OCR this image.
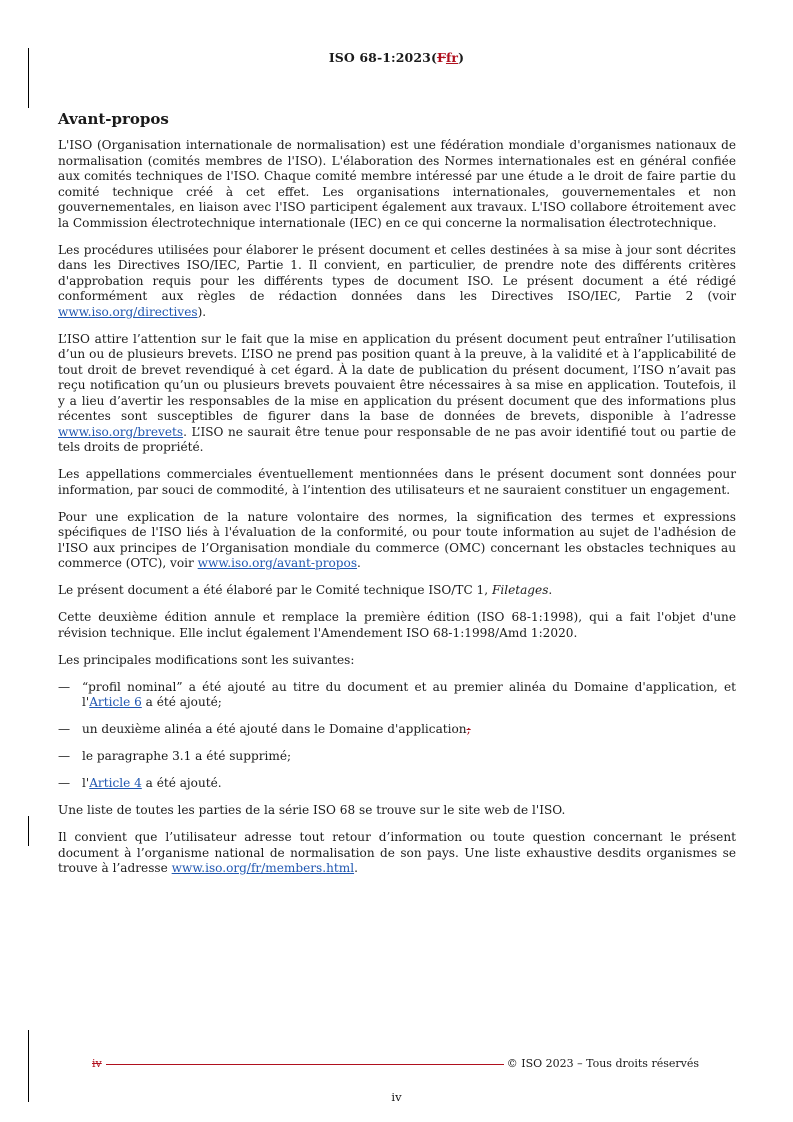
ISO 68-1:2023(Ffr)
Avant-propos

L'ISO (Organisation internationale de normalisation) est une fédération mondiale d'organismes nationaux de normalisation (comités membres de l'ISO). L'élaboration des Normes internationales est en général confiée aux comités techniques de l'ISO. Chaque comité membre intéressé par une étude a le droit de faire partie du comité technique créé à cet effet. Les organisations internationales, gouvernementales et non gouvernementales, en liaison avec l'ISO participent également aux travaux. L'ISO collabore étroitement avec la Commission électrotechnique internationale (IEC) en ce qui concerne la normalisation électrotechnique.

Les procédures utilisées pour élaborer le présent document et celles destinées à sa mise à jour sont décrites dans les Directives ISO/IEC, Partie 1. Il convient, en particulier, de prendre note des différents critères d'approbation requis pour les différents types de document ISO. Le présent document a été rédigé conformément aux règles de rédaction données dans les Directives ISO/IEC, Partie 2 (voir www.iso.org/directives).

L’ISO attire l’attention sur le fait que la mise en application du présent document peut entraîner l’utilisation d’un ou de plusieurs brevets. L’ISO ne prend pas position quant à la preuve, à la validité et à l’applicabilité de tout droit de brevet revendiqué à cet égard. À la date de publication du présent document, l’ISO n’avait pas reçu notification qu’un ou plusieurs brevets pouvaient être nécessaires à sa mise en application. Toutefois, il y a lieu d’avertir les responsables de la mise en application du présent document que des informations plus récentes sont susceptibles de figurer dans la base de données de brevets, disponible à l’adresse www.iso.org/brevets. L’ISO ne saurait être tenue pour responsable de ne pas avoir identifié tout ou partie de tels droits de propriété.

Les appellations commerciales éventuellement mentionnées dans le présent document sont données pour information, par souci de commodité, à l’intention des utilisateurs et ne sauraient constituer un engagement.

Pour une explication de la nature volontaire des normes, la signification des termes et expressions spécifiques de l'ISO liés à l'évaluation de la conformité, ou pour toute information au sujet de l'adhésion de l'ISO aux principes de l’Organisation mondiale du commerce (OMC) concernant les obstacles techniques au commerce (OTC), voir www.iso.org/avant-propos.

Le présent document a été élaboré par le Comité technique ISO/TC 1, Filetages.

Cette deuxième édition annule et remplace la première édition (ISO 68-1:1998), qui a fait l'objet d'une révision technique. Elle inclut également l'Amendement ISO 68-1:1998/Amd 1:2020.

Les principales modifications sont les suivantes:

— “profil nominal” a été ajouté au titre du document et au premier alinéa du Domaine d'application, et l'Article 6 a été ajouté;
— un deuxième alinéa a été ajouté dans le Domaine d'application;
— le paragraphe 3.1 a été supprimé;
— l'Article 4 a été ajouté.

Une liste de toutes les parties de la série ISO 68 se trouve sur le site web de l'ISO.

Il convient que l’utilisateur adresse tout retour d’information ou toute question concernant le présent document à l’organisme national de normalisation de son pays. Une liste exhaustive desdits organismes se trouve à l’adresse www.iso.org/fr/members.html.

iv	© ISO 2023 – Tous droits réservés
iv
